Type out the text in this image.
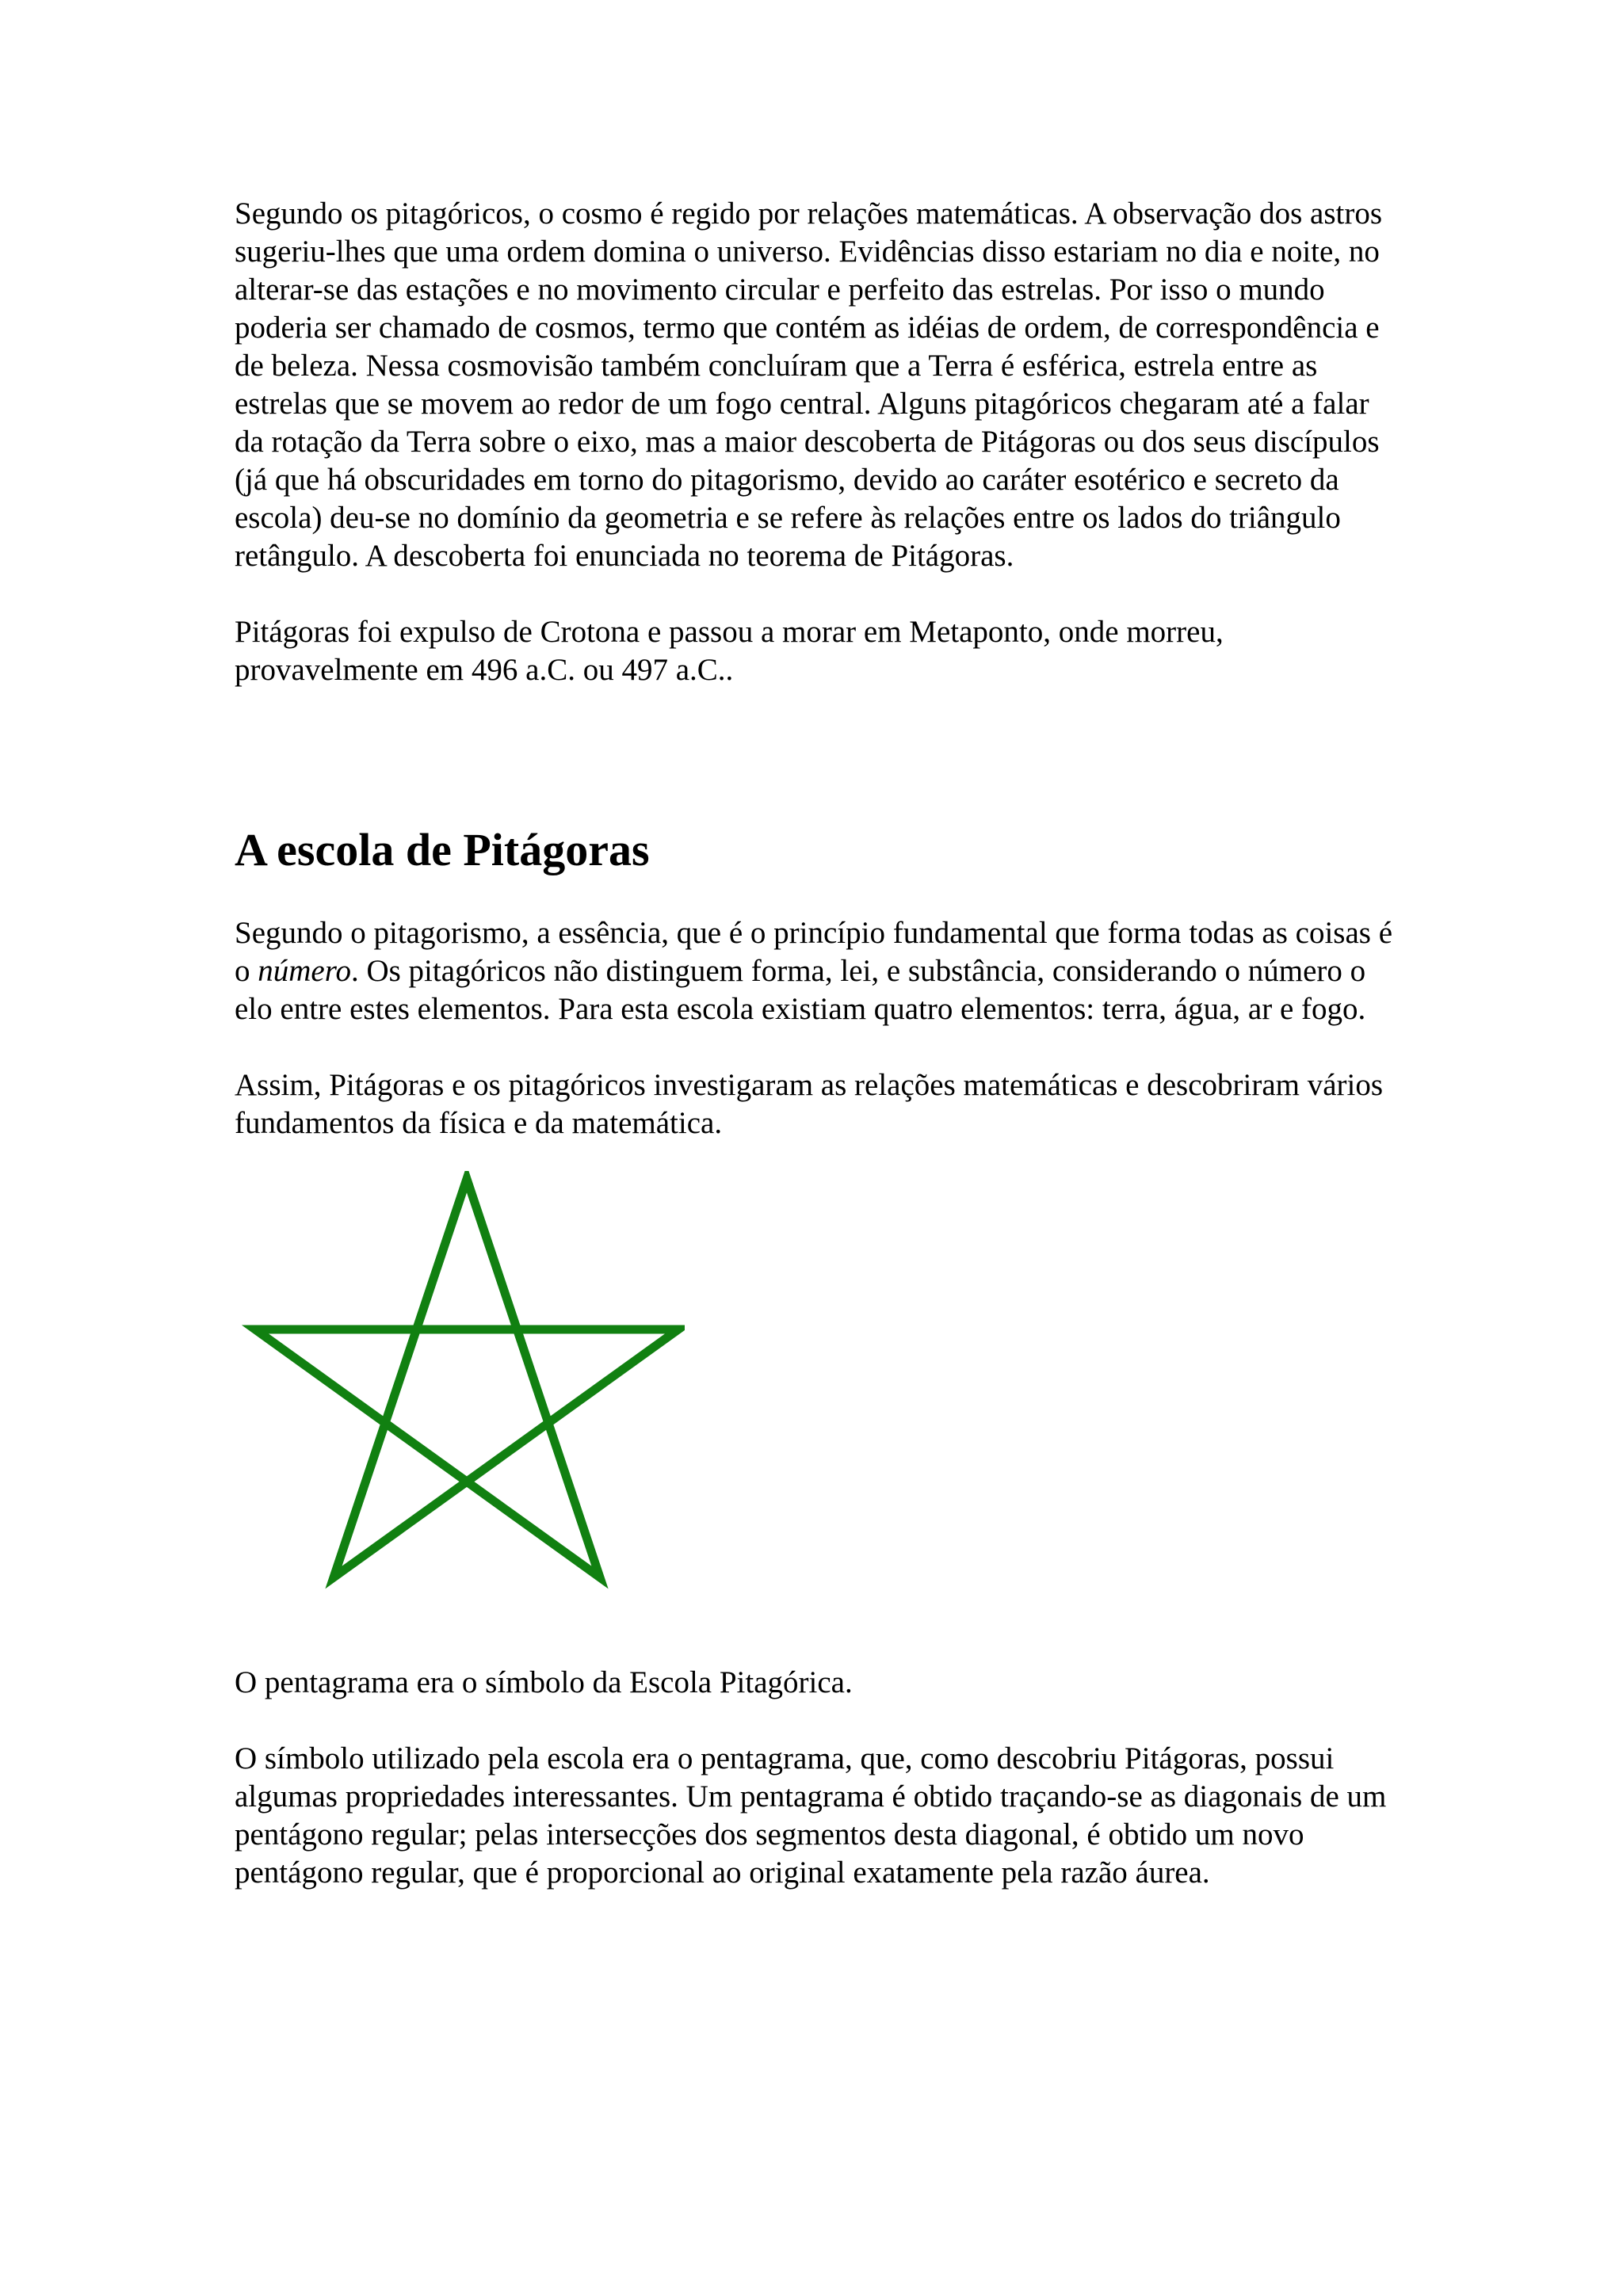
Segundo os pitagóricos, o cosmo é regido por relações matemáticas. A observação dos astros sugeriu-lhes que uma ordem domina o universo. Evidências disso estariam no dia e noite, no alterar-se das estações e no movimento circular e perfeito das estrelas. Por isso o mundo poderia ser chamado de cosmos, termo que contém as idéias de ordem, de correspondência e de beleza. Nessa cosmovisão também concluíram que a Terra é esférica, estrela entre as estrelas que se movem ao redor de um fogo central. Alguns pitagóricos chegaram até a falar da rotação da Terra sobre o eixo, mas a maior descoberta de Pitágoras ou dos seus discípulos (já que há obscuridades em torno do pitagorismo, devido ao caráter esotérico e secreto da escola) deu-se no domínio da geometria e se refere às relações entre os lados do triângulo retângulo. A descoberta foi enunciada no teorema de Pitágoras.

Pitágoras foi expulso de Crotona e passou a morar em Metaponto, onde morreu, provavelmente em 496 a.C. ou 497 a.C..

A escola de Pitágoras

Segundo o pitagorismo, a essência, que é o princípio fundamental que forma todas as coisas é o número. Os pitagóricos não distinguem forma, lei, e substância, considerando o número o elo entre estes elementos. Para esta escola existiam quatro elementos: terra, água, ar e fogo.

Assim, Pitágoras e os pitagóricos investigaram as relações matemáticas e descobriram vários fundamentos da física e da matemática.

O pentagrama era o símbolo da Escola Pitagórica.

O símbolo utilizado pela escola era o pentagrama, que, como descobriu Pitágoras, possui algumas propriedades interessantes. Um pentagrama é obtido traçando-se as diagonais de um pentágono regular; pelas intersecções dos segmentos desta diagonal, é obtido um novo pentágono regular, que é proporcional ao original exatamente pela razão áurea.
